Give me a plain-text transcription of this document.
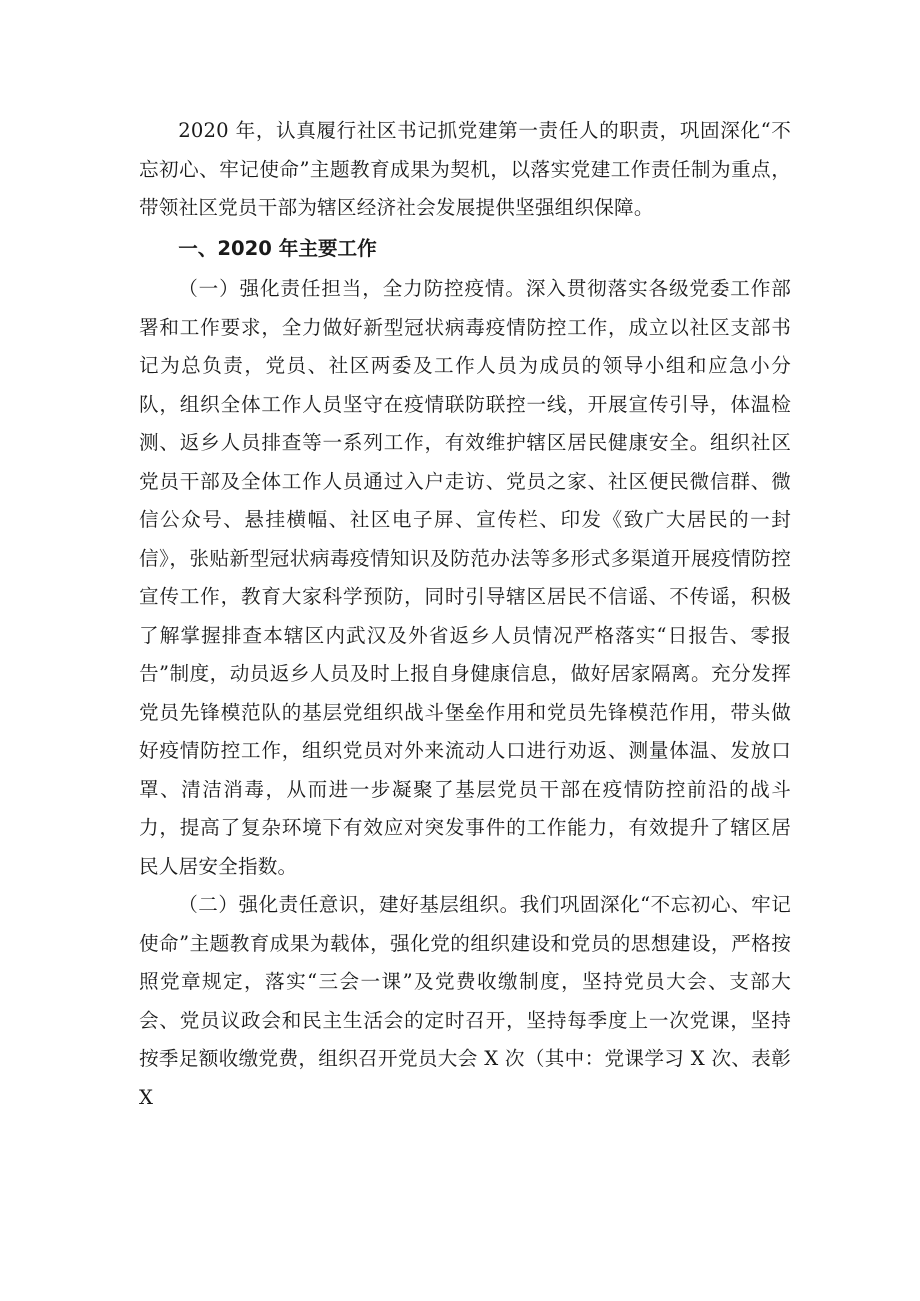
2020 年，认真履行社区书记抓党建第一责任人的职责，巩固深化“不忘初心、牢记使命”主题教育成果为契机，以落实党建工作责任制为重点，带领社区党员干部为辖区经济社会发展提供坚强组织保障。

一、2020 年主要工作

（一）强化责任担当，全力防控疫情。深入贯彻落实各级党委工作部署和工作要求，全力做好新型冠状病毒疫情防控工作，成立以社区支部书记为总负责，党员、社区两委及工作人员为成员的领导小组和应急小分队，组织全体工作人员坚守在疫情联防联控一线，开展宣传引导，体温检测、返乡人员排查等一系列工作，有效维护辖区居民健康安全。组织社区党员干部及全体工作人员通过入户走访、党员之家、社区便民微信群、微信公众号、悬挂横幅、社区电子屏、宣传栏、印发《致广大居民的一封信》，张贴新型冠状病毒疫情知识及防范办法等多形式多渠道开展疫情防控宣传工作，教育大家科学预防，同时引导辖区居民不信谣、不传谣，积极了解掌握排查本辖区内武汉及外省返乡人员情况严格落实“日报告、零报告”制度，动员返乡人员及时上报自身健康信息，做好居家隔离。充分发挥党员先锋模范队的基层党组织战斗堡垒作用和党员先锋模范作用，带头做好疫情防控工作，组织党员对外来流动人口进行劝返、测量体温、发放口罩、清洁消毒，从而进一步凝聚了基层党员干部在疫情防控前沿的战斗力，提高了复杂环境下有效应对突发事件的工作能力，有效提升了辖区居民人居安全指数。

（二）强化责任意识，建好基层组织。我们巩固深化“不忘初心、牢记使命”主题教育成果为载体，强化党的组织建设和党员的思想建设，严格按照党章规定，落实“三会一课”及党费收缴制度，坚持党员大会、支部大会、党员议政会和民主生活会的定时召开，坚持每季度上一次党课，坚持按季足额收缴党费，组织召开党员大会 X 次（其中：党课学习 X 次、表彰 X
